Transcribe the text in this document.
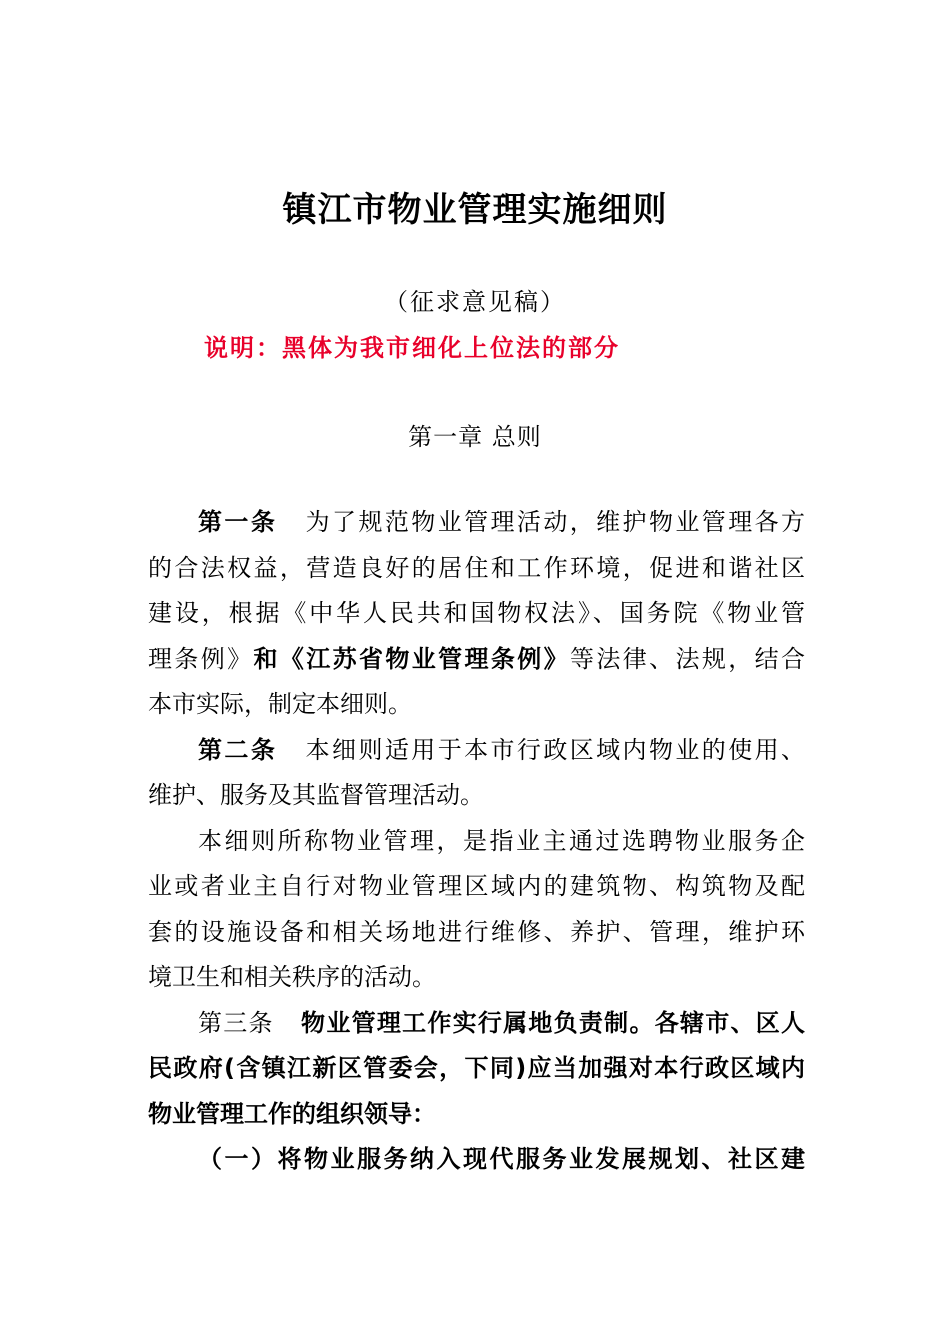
镇江市物业管理实施细则
（征求意见稿）
说明：黑体为我市细化上位法的部分
第一章 总则
第一条 为了规范物业管理活动，维护物业管理各方
的合法权益，营造良好的居住和工作环境，促进和谐社区
建设，根据《中华人民共和国物权法》、国务院《物业管
理条例》和《江苏省物业管理条例》等法律、法规，结合
本市实际，制定本细则。
第二条 本细则适用于本市行政区域内物业的使用、
维护、服务及其监督管理活动。
本细则所称物业管理，是指业主通过选聘物业服务企
业或者业主自行对物业管理区域内的建筑物、构筑物及配
套的设施设备和相关场地进行维修、养护、管理，维护环
境卫生和相关秩序的活动。
第三条 物业管理工作实行属地负责制。各辖市、区人
民政府(含镇江新区管委会，下同)应当加强对本行政区域内
物业管理工作的组织领导：
（一）将物业服务纳入现代服务业发展规划、社区建
